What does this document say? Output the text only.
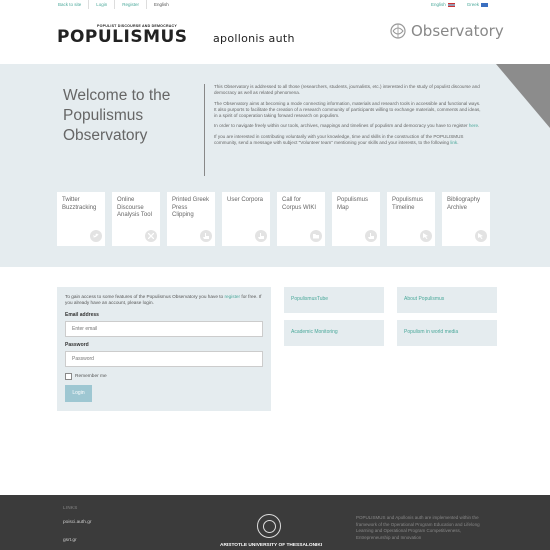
Back to site	Login	Register	English	English	Greek
POPULIST DISCOURSE AND DEMOCRACY
POPULISMUS apollonis auth	Observatory
Welcome to the Populismus Observatory

This Observatory is addressed to all those (researchers, students, journalists, etc.) interested in the study of populist discourse and democracy as well as related phenomena.

The Observatory aims at becoming a mode connecting information, materials and research tools in accessible and functional ways. It also purports to facilitate the creation of a research community of participants willing to exchange materials, comments and ideas, in a spirit of cooperation taking forward research on populism.

In order to navigate freely within our tools, archives, mappings and timelines of populism and democracy you have to register here.

If you are interested in contributing voluntarily with your knowledge, time and skills in the construction of the POPULISMUS community, send a message with subject "Volunteer team" mentioning your skills and your interests, to the following link.

Twitter Buzztracking
Online Discourse Analysis Tool
Printed Greek Press Clipping
User Corpora	Call for Corpus WIKI
Populismus Map
Populismus Timeline
Bibliography Archive
To gain access to some features of the Populismus Observatory you have to register for free. If you already have an account, please login.
Email address
Enter email
Password
Remember me
Login
PopulismusTube	About Populismus
Academic Monitoring	Populism in world media
LINKS
poisci.auth.gr
gsrt.gr
ARISTOTLE UNIVERSITY OF THESSALONIKI
POPULISMUS and Apollonis auth are implemented within the framework of the Operational Program Education and Lifelong Learning and Operational Program Competitiveness, Entrepreneurship and Innovation
